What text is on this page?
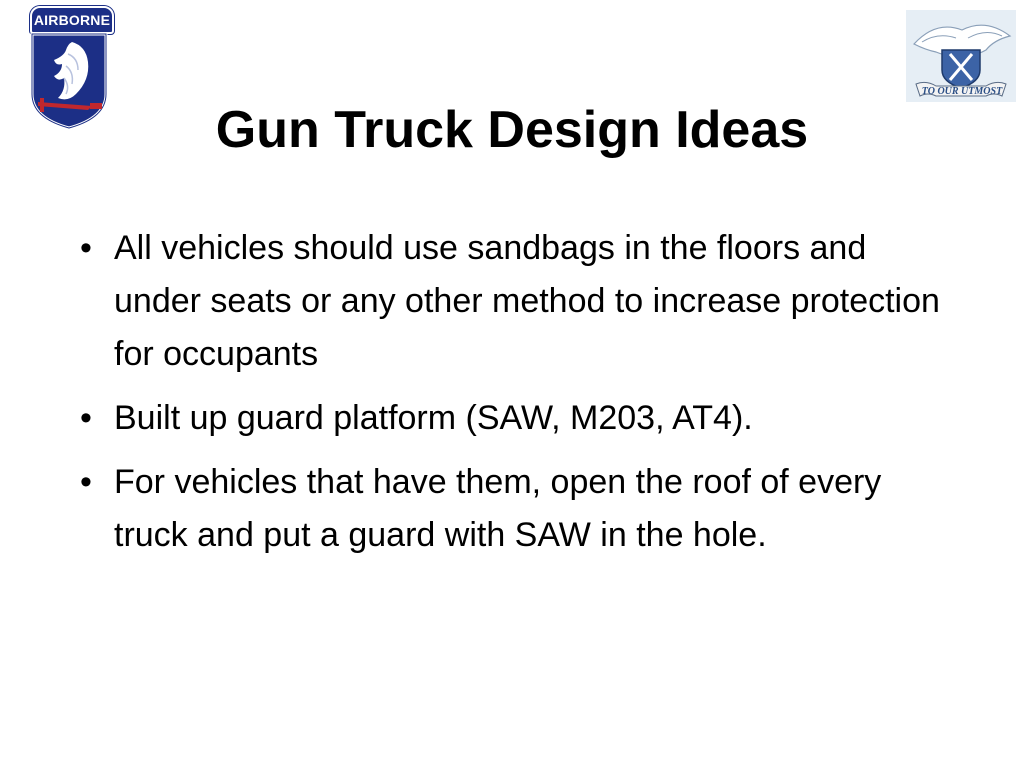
AIRBORNE
TO OUR UTMOST
Gun Truck Design Ideas
• All vehicles should use sandbags in the floors and under seats or any other method to increase protection for occupants
• Built up guard platform (SAW, M203, AT4).
• For vehicles that have them, open the roof of every truck and put a guard with SAW in the hole.
